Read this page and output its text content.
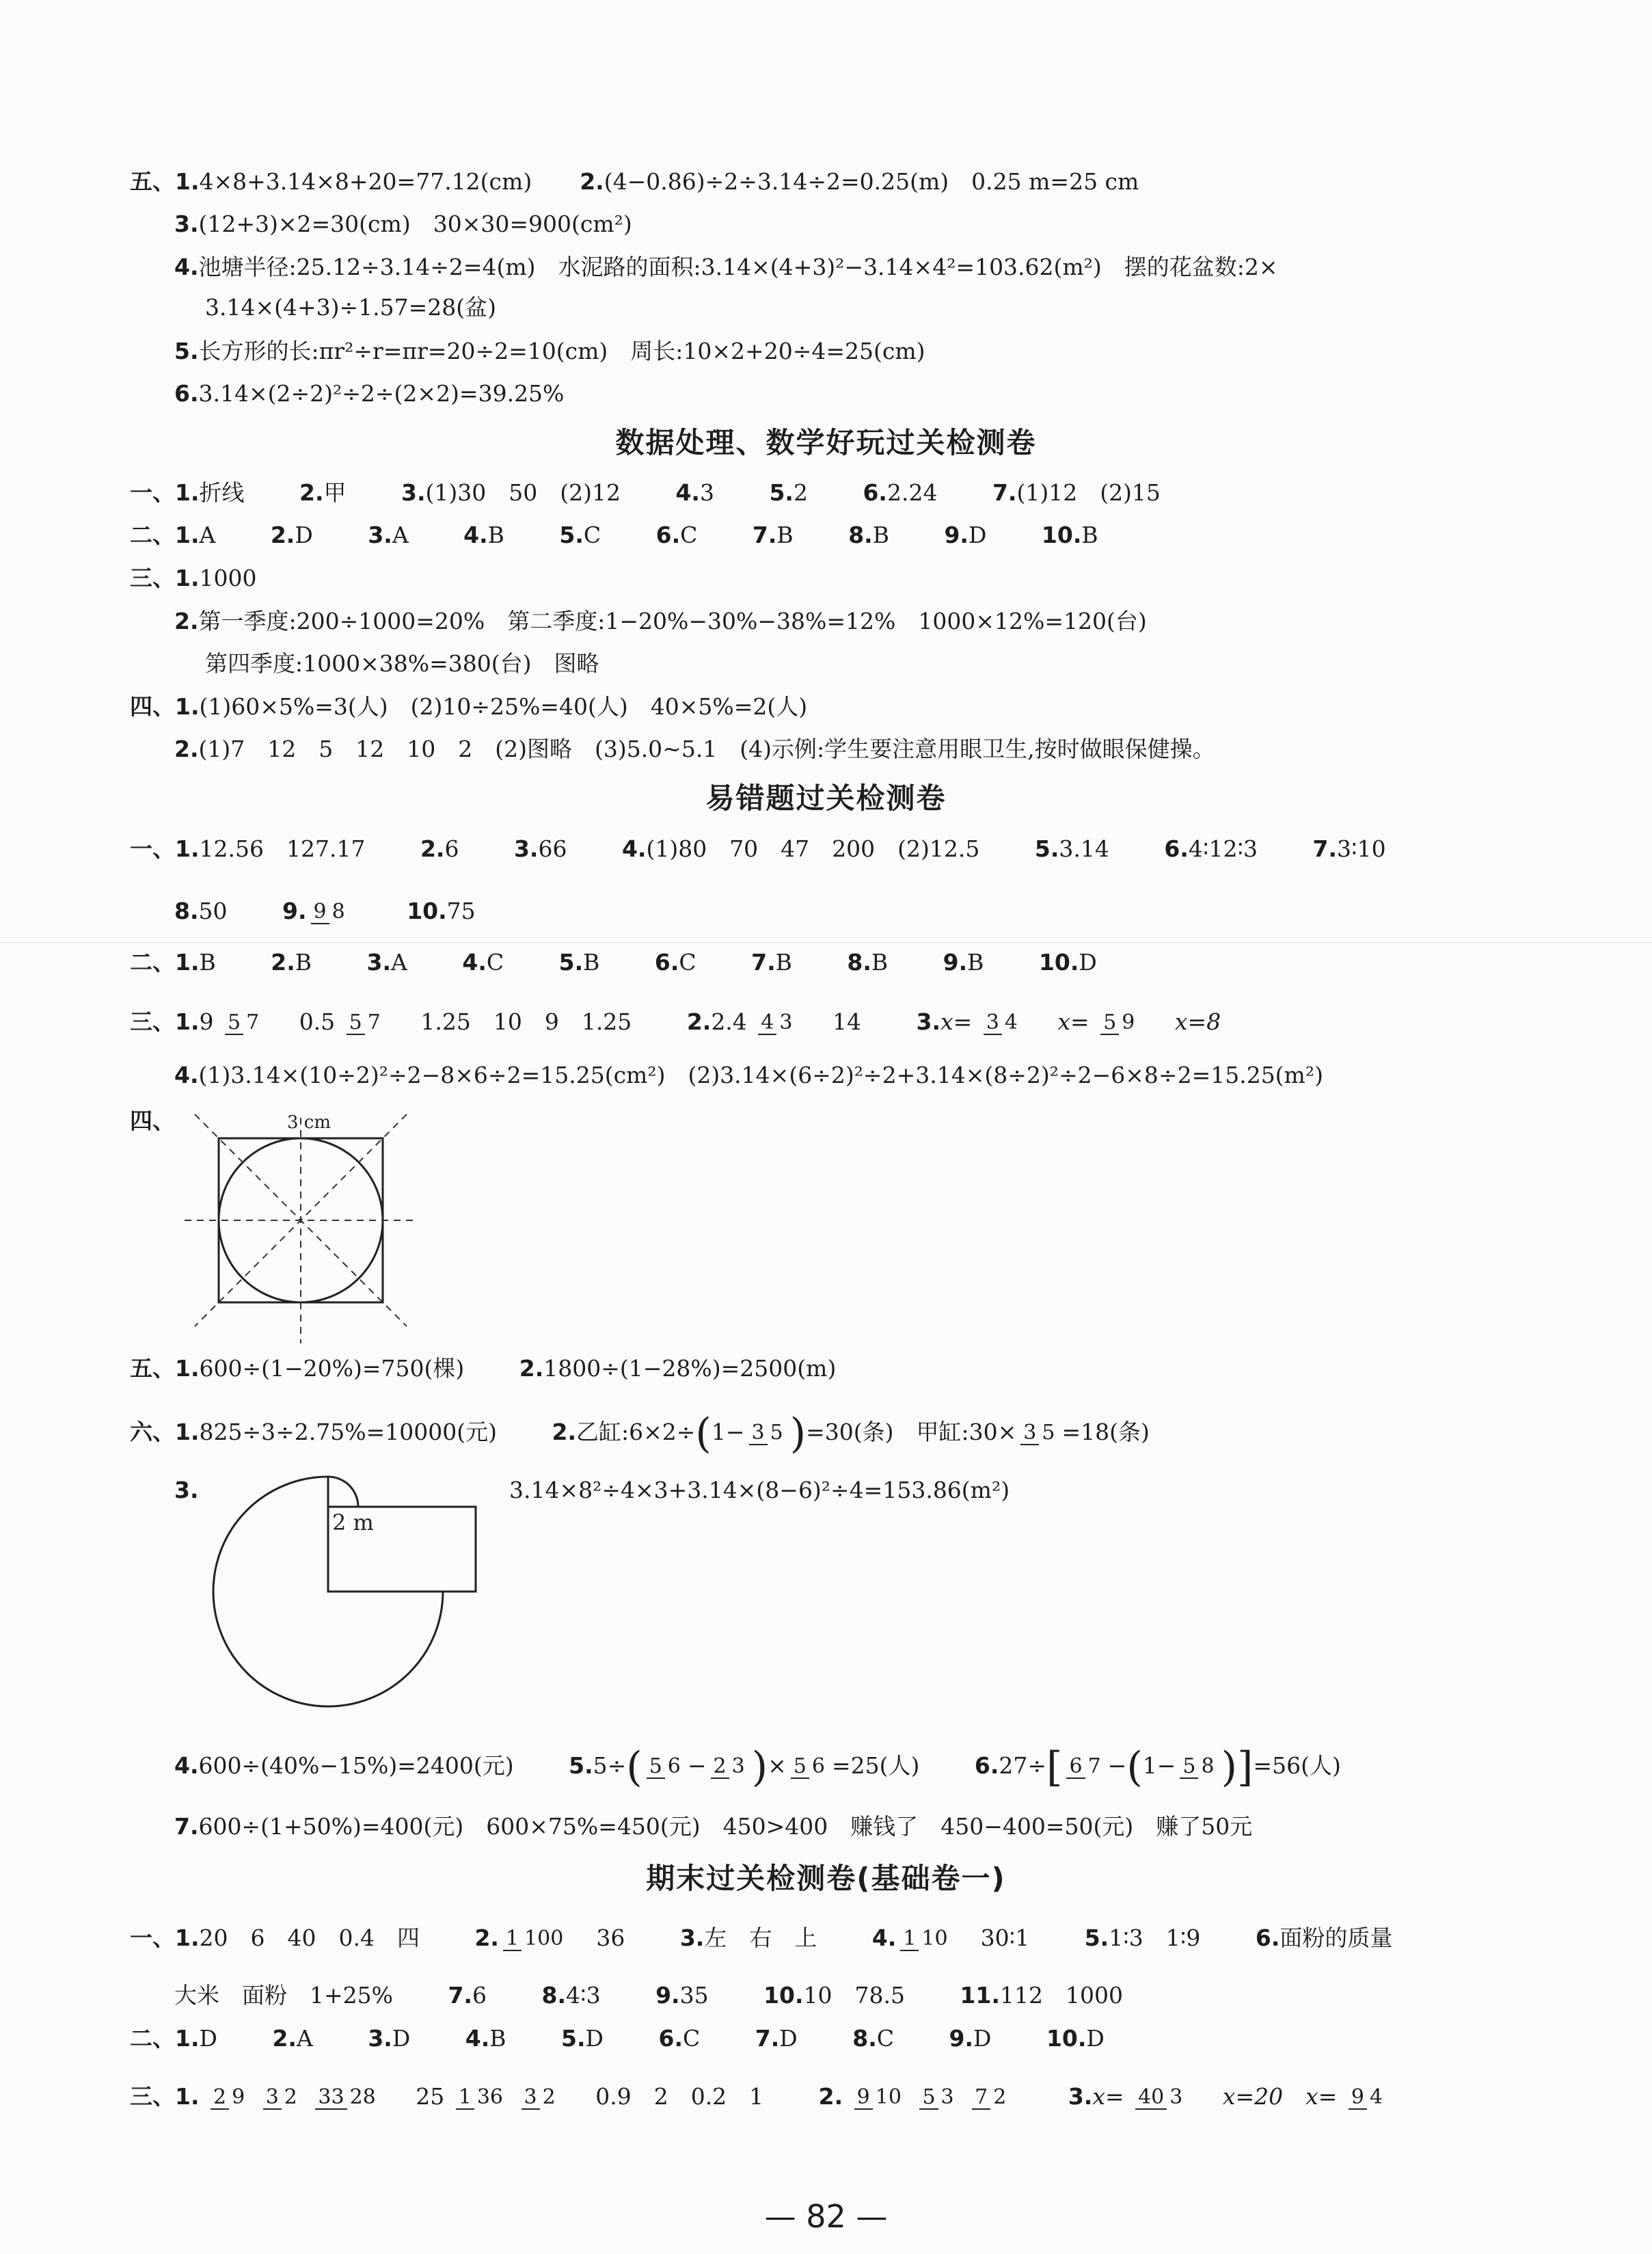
五、1.4×8+3.14×8+20=77.12(cm) 2.(4−0.86)÷2÷3.14÷2=0.25(m)　0.25 m=25 cm
3.(12+3)×2=30(cm)　30×30=900(cm²)
4.池塘半径:25.12÷3.14÷2=4(m)　水泥路的面积:3.14×(4+3)²−3.14×4²=103.62(m²)　摆的花盆数:2×
3.14×(4+3)÷1.57=28(盆)
5.长方形的长:πr²÷r=πr=20÷2=10(cm)　周长:10×2+20÷4=25(cm)
6.3.14×(2÷2)²÷2÷(2×2)=39.25%
数据处理、数学好玩过关检测卷
一、1.折线 2.甲 3.(1)30　50　(2)12 4.3 5.2 6.2.24 7.(1)12　(2)15
二、1.A 2.D 3.A 4.B 5.C 6.C 7.B 8.B 9.D 10.B
三、1.1000
2.第一季度:200÷1000=20%　第二季度:1−20%−30%−38%=12%　1000×12%=120(台)
第四季度:1000×38%=380(台)　图略
四、1.(1)60×5%=3(人)　(2)10÷25%=40(人)　40×5%=2(人)
2.(1)7　12　5　12　10　2　(2)图略　(3)5.0~5.1　(4)示例:学生要注意用眼卫生,按时做眼保健操。
易错题过关检测卷
一、1.12.56　127.17 2.6 3.66 4.(1)80　70　47　200　(2)12.5 5.3.14 6.4∶12∶3 7.3∶10
8.50 9. 9 8	10.75
二、1.B 2.B 3.A 4.C 5.B 6.C 7.B 8.B 9.B 10.D
三、1.9 5 7 0.5 5 7 1.25　10　9　1.25 2.2.4 4 3 14 3.x= 3 4 x= 5 9 x=8
4.(1)3.14×(10÷2)²÷2−8×6÷2=15.25(cm²)　(2)3.14×(6÷2)²÷2+3.14×(8÷2)²÷2−6×8÷2=15.25(m²)
四、	3 cm
五、1.600÷(1−20%)=750(棵) 2.1800÷(1−28%)=2500(m)
六、1.825÷3÷2.75%=10000(元) 2.乙缸:6×2÷(1− 3 5 )=30(条)　甲缸:30× 3 5 =18(条)
3.
2 m
3.14×8²÷4×3+3.14×(8−6)²÷4=153.86(m²)
4.600÷(40%−15%)=2400(元) 5.5÷( 5 6 − 2 3 )× 5 6 =25(人) 6.27÷[ 6 7 −(1− 5 8 )]=56(人)
7.600÷(1+50%)=400(元)　600×75%=450(元)　450>400　赚钱了　450−400=50(元)　赚了50元
期末过关检测卷(基础卷一)
一、1.20　6　40　0.4　四 2. 1 100 36 3.左　右　上 4. 1 10 30∶1 5.1∶3　1∶9 6.面粉的质量
大米　面粉　1+25% 7.6 8.4∶3 9.35 10.10　78.5 11.112　1000
二、1.D 2.A 3.D 4.B 5.D 6.C 7.D 8.C 9.D 10.D
三、1. 2 9 3 2 33 28 25 1 36 3 2 0.9　2　0.2　1 2. 9 10 5 3 7 2	3.x= 40 3 x=20　x= 9 4
— 82 —
